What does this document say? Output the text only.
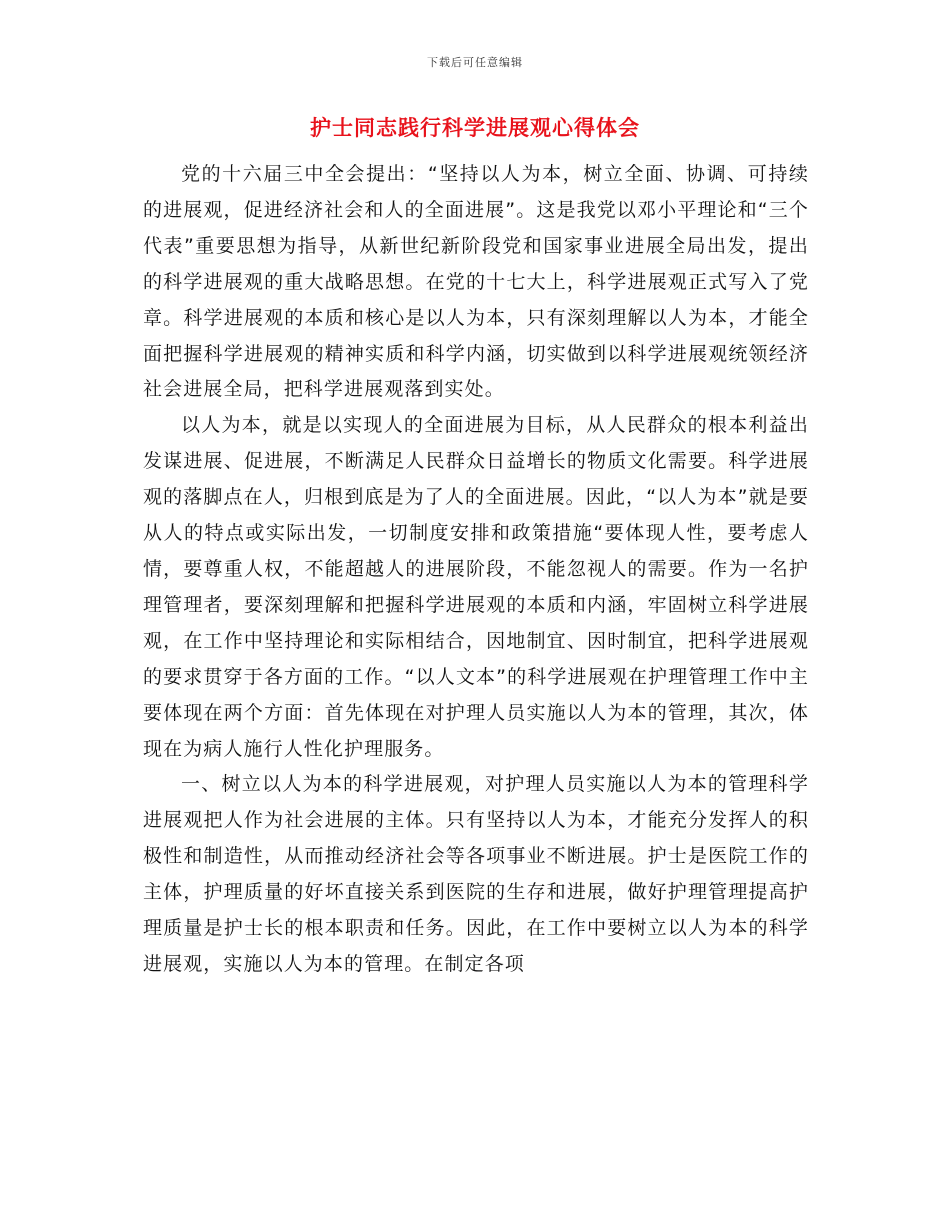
下载后可任意编辑
护士同志践行科学进展观心得体会

党的十六届三中全会提出：“坚持以人为本，树立全面、协调、可持续的进展观，促进经济社会和人的全面进展”。这是我党以邓小平理论和“三个代表”重要思想为指导，从新世纪新阶段党和国家事业进展全局出发，提出的科学进展观的重大战略思想。在党的十七大上，科学进展观正式写入了党章。科学进展观的本质和核心是以人为本，只有深刻理解以人为本，才能全面把握科学进展观的精神实质和科学内涵，切实做到以科学进展观统领经济社会进展全局，把科学进展观落到实处。

以人为本，就是以实现人的全面进展为目标，从人民群众的根本利益出发谋进展、促进展，不断满足人民群众日益增长的物质文化需要。科学进展观的落脚点在人，归根到底是为了人的全面进展。因此，“以人为本”就是要从人的特点或实际出发，一切制度安排和政策措施“要体现人性，要考虑人情，要尊重人权，不能超越人的进展阶段，不能忽视人的需要。作为一名护理管理者，要深刻理解和把握科学进展观的本质和内涵，牢固树立科学进展观，在工作中坚持理论和实际相结合，因地制宜、因时制宜，把科学进展观的要求贯穿于各方面的工作。“以人文本”的科学进展观在护理管理工作中主要体现在两个方面：首先体现在对护理人员实施以人为本的管理，其次，体现在为病人施行人性化护理服务。

一、树立以人为本的科学进展观，对护理人员实施以人为本的管理科学进展观把人作为社会进展的主体。只有坚持以人为本，才能充分发挥人的积极性和制造性，从而推动经济社会等各项事业不断进展。护士是医院工作的主体，护理质量的好坏直接关系到医院的生存和进展，做好护理管理提高护理质量是护士长的根本职责和任务。因此，在工作中要树立以人为本的科学进展观，实施以人为本的管理。在制定各项
